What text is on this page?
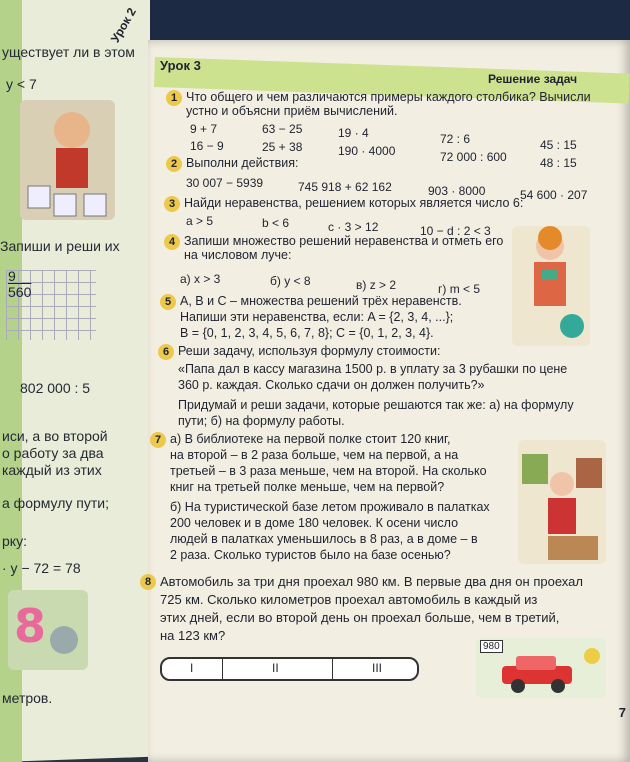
Урок 2
уществует ли в этом
y < 7
Запиши и реши их
9
560
802 000 : 5
иси, а во второй
о работу за два
каждый из этих
а формулу пути;
рку:
· y − 72 = 78
8
метров.
Урок 3
Решение задач
1 Что общего и чем различаются примеры каждого столбика? Вычисли
устно и объясни приём вычислений.
9 + 7	63 − 25	19 · 4	72 : 6	45 : 15
16 − 9	25 + 38	190 · 4000	72 000 : 600	48 : 15
2 Выполни действия:
30 007 − 5939	745 918 + 62 162	903 · 8000	54 600 · 207
3 Найди неравенства, решением которых является число 6:
a > 5	b < 6	c · 3 > 12	10 − d : 2 < 3
4 Запиши множество решений неравенства и отметь его
на числовом луче:
а) x > 3	б) y < 8	в) z > 2	г) m < 5
5 A, B и C – множества решений трёх неравенств.
Напиши эти неравенства, если: A = {2, 3, 4, ...};
B = {0, 1, 2, 3, 4, 5, 6, 7, 8}; C = {0, 1, 2, 3, 4}.
6 Реши задачу, используя формулу стоимости:
«Папа дал в кассу магазина 1500 р. в уплату за 3 рубашки по цене
360 р. каждая. Сколько сдачи он должен получить?»
Придумай и реши задачи, которые решаются так же: а) на формулу
пути; б) на формулу работы.
7 а) В библиотеке на первой полке стоит 120 книг,
на второй – в 2 раза больше, чем на первой, а на
третьей – в 3 раза меньше, чем на второй. На сколько
книг на третьей полке меньше, чем на первой?
б) На туристической базе летом проживало в палатках
200 человек и в доме 180 человек. К осени число
людей в палатках уменьшилось в 8 раз, а в доме – в
2 раза. Сколько туристов было на базе осенью?
8 Автомобиль за три дня проехал 980 км. В первые два дня он проехал
725 км. Сколько километров проехал автомобиль в каждый из
этих дней, если во второй день он проехал больше, чем в третий,
на 123 км?
I	II	III
980
7
